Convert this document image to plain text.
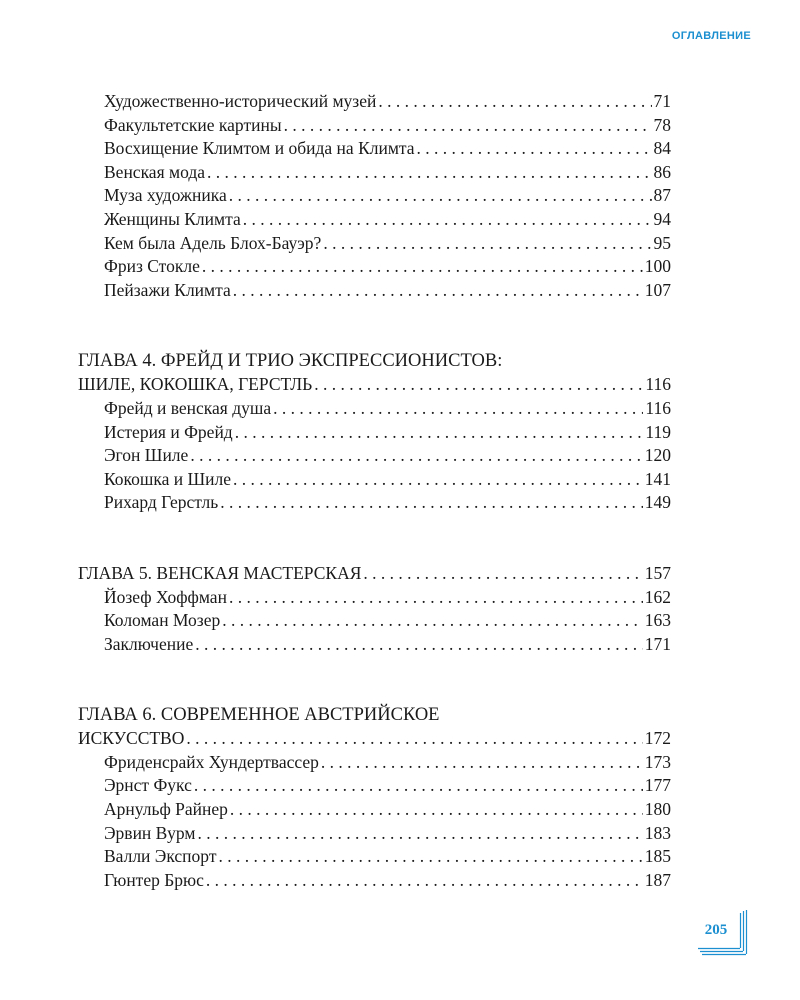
ОГЛАВЛЕНИЕ
Художественно-исторический музей . . .	71
Факультетские картины . . .	78
Восхищение Климтом и обида на Климта . . .	84
Венская мода . . .	86
Муза художника . . .	87
Женщины Климта . . .	94
Кем была Адель Блох-Бауэр? . . .	95
Фриз Стокле . . .	100
Пейзажи Климта . . .	107
ГЛАВА 4. ФРЕЙД И ТРИО ЭКСПРЕССИОНИСТОВ:
ШИЛЕ, КОКОШКА, ГЕРСТЛЬ . . .	116
Фрейд и венская душа . . .	116
Истерия и Фрейд . . .	119
Эгон Шиле . . .	120
Кокошка и Шиле . . .	141
Рихард Герстль . . .	149
ГЛАВА 5. ВЕНСКАЯ МАСТЕРСКАЯ . . .	157
Йозеф Хоффман . . .	162
Коломан Мозер . . .	163
Заключение . . .	171
ГЛАВА 6. СОВРЕМЕННОЕ АВСТРИЙСКОЕ
ИСКУССТВО . . .	172
Фриденсрайх Хундертвассер . . .	173
Эрнст Фукс . . .	177
Арнульф Райнер . . .	180
Эрвин Вурм . . .	183
Валли Экспорт . . .	185
Гюнтер Брюс . . .	187
205
